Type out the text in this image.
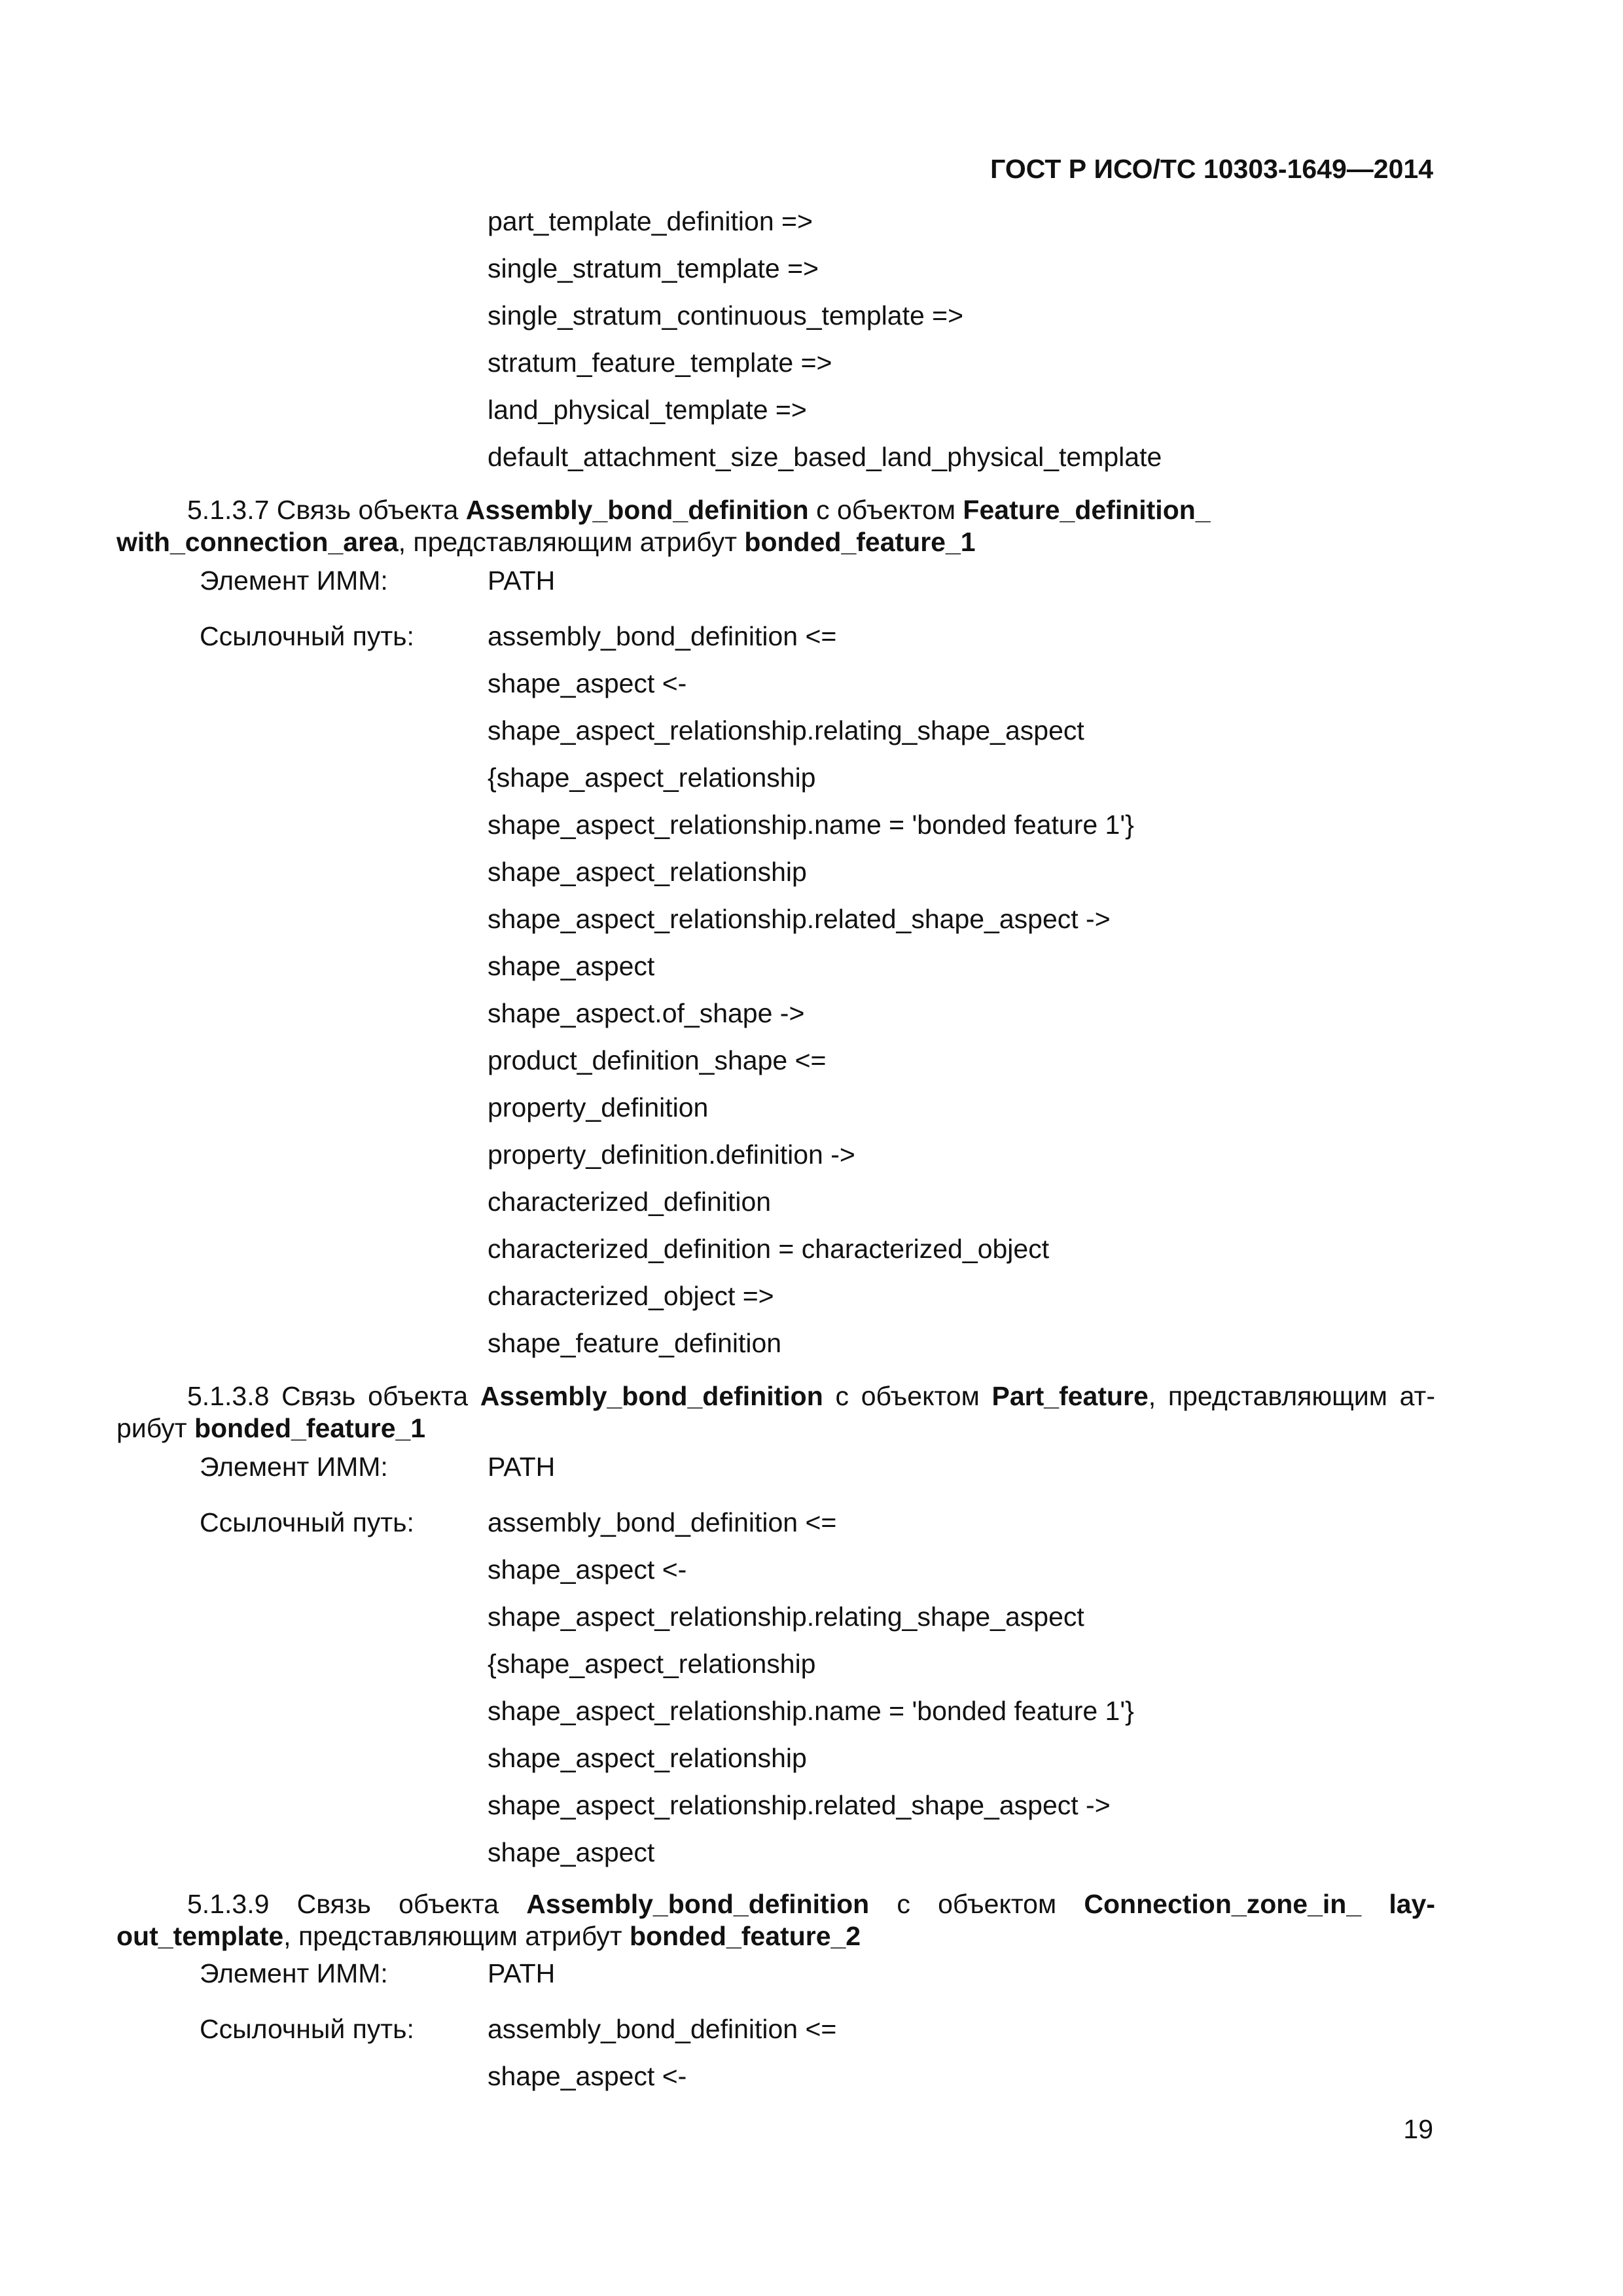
ГОСТ Р ИСО/ТС 10303-1649—2014
part_template_definition =>
single_stratum_template =>
single_stratum_continuous_template =>
stratum_feature_template =>
land_physical_template =>
default_attachment_size_based_land_physical_template
5.1.3.7 Связь объекта Assembly_bond_definition с объектом Feature_definition_
with_connection_area, представляющим атрибут bonded_feature_1
Элемент ИММ:	PATH
Ссылочный путь:	assembly_bond_definition <=
shape_aspect <-
shape_aspect_relationship.relating_shape_aspect
{shape_aspect_relationship
shape_aspect_relationship.name = 'bonded feature 1'}
shape_aspect_relationship
shape_aspect_relationship.related_shape_aspect ->
shape_aspect
shape_aspect.of_shape ->
product_definition_shape <=
property_definition
property_definition.definition ->
characterized_definition
characterized_definition = characterized_object
characterized_object =>
shape_feature_definition
5.1.3.8 Связь объекта Assembly_bond_definition с объектом Part_feature, представляющим ат-
рибут bonded_feature_1
Элемент ИММ:	PATH
Ссылочный путь:	assembly_bond_definition <=
shape_aspect <-
shape_aspect_relationship.relating_shape_aspect
{shape_aspect_relationship
shape_aspect_relationship.name = 'bonded feature 1'}
shape_aspect_relationship
shape_aspect_relationship.related_shape_aspect ->
shape_aspect
5.1.3.9 Связь объекта Assembly_bond_definition с объектом Connection_zone_in_ lay-
out_template, представляющим атрибут bonded_feature_2
Элемент ИММ:	PATH
Ссылочный путь:	assembly_bond_definition <=
shape_aspect <-
19
